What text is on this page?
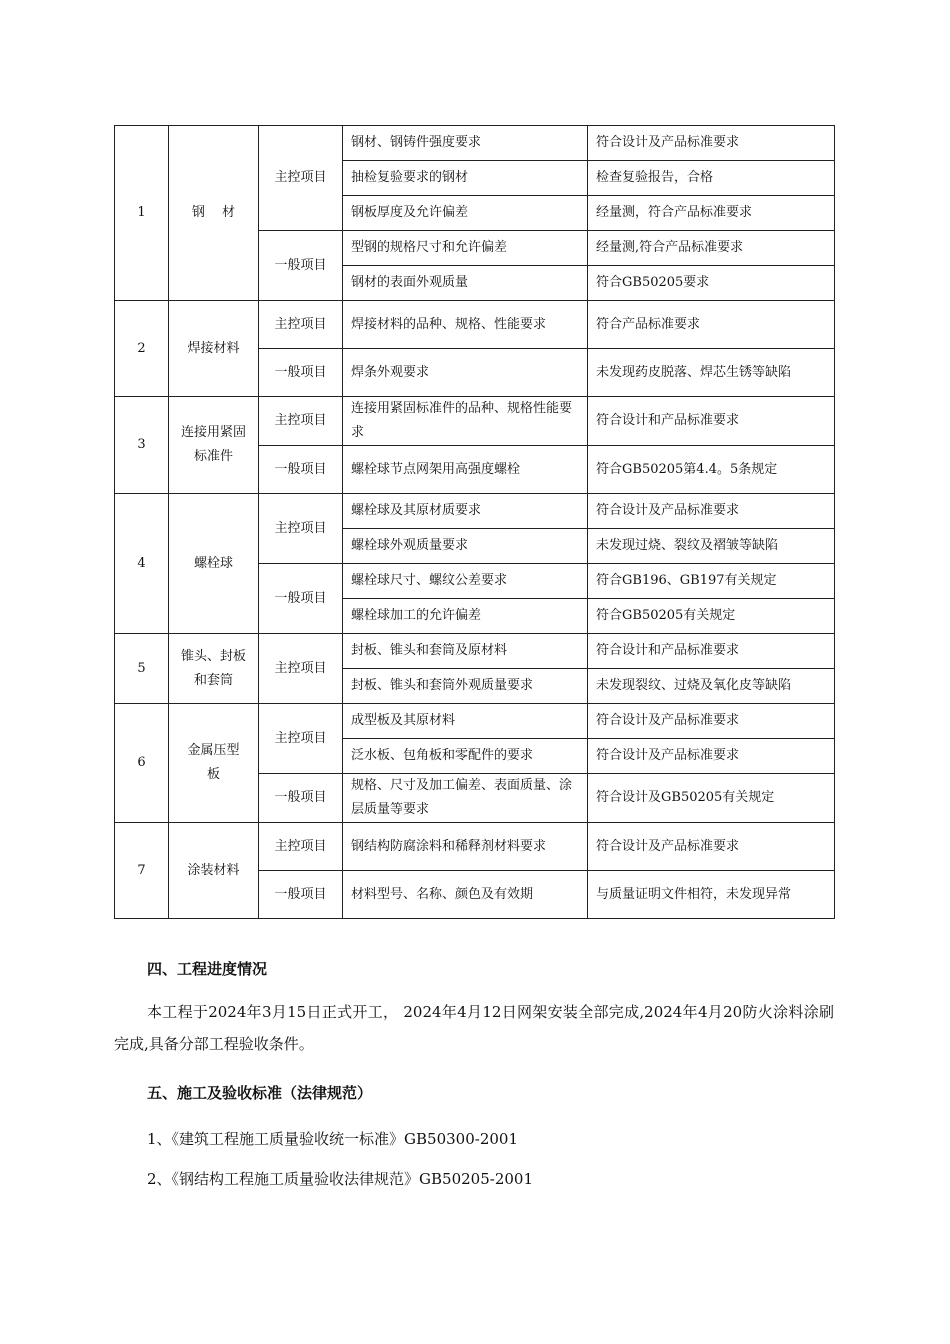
1	钢　 材	主控项目	钢材、钢铸件强度要求	符合设计及产品标准要求
			抽检复验要求的钢材	检查复验报告，合格
			钢板厚度及允许偏差	经量测，符合产品标准要求
		一般项目	型钢的规格尺寸和允许偏差	经量测,符合产品标准要求
			钢材的表面外观质量	符合GB50205要求
2	焊接材料	主控项目	焊接材料的品种、规格、性能要求	符合产品标准要求
		一般项目	焊条外观要求	未发现药皮脱落、焊芯生锈等缺陷
3	连接用紧固标准件	主控项目	连接用紧固标准件的品种、规格性能要求	符合设计和产品标准要求
		一般项目	螺栓球节点网架用高强度螺栓	符合GB50205第4.4。5条规定
4	螺栓球	主控项目	螺栓球及其原材质要求	符合设计及产品标准要求
			螺栓球外观质量要求	未发现过烧、裂纹及褶皱等缺陷
		一般项目	螺栓球尺寸、螺纹公差要求	符合GB196、GB197有关规定
			螺栓球加工的允许偏差	符合GB50205有关规定
5	锥头、封板和套筒	主控项目	封板、锥头和套筒及原材料	符合设计和产品标准要求
			封板、锥头和套筒外观质量要求	未发现裂纹、过烧及氧化皮等缺陷
6	金属压型　板	主控项目	成型板及其原材料	符合设计及产品标准要求
			泛水板、包角板和零配件的要求	符合设计及产品标准要求
		一般项目	规格、尺寸及加工偏差、表面质量、涂层质量等要求	符合设计及GB50205有关规定
7	涂装材料	主控项目	钢结构防腐涂料和稀释剂材料要求	符合设计及产品标准要求
		一般项目	材料型号、名称、颜色及有效期	与质量证明文件相符，未发现异常
四、工程进度情况
本工程于2024年3月15日正式开工， 2024年4月12日网架安装全部完成,2024年4月20防火涂料涂刷完成,具备分部工程验收条件。
五、施工及验收标准（法律规范）
1、《建筑工程施工质量验收统一标准》GB50300-2001
2、《钢结构工程施工质量验收法律规范》GB50205-2001
